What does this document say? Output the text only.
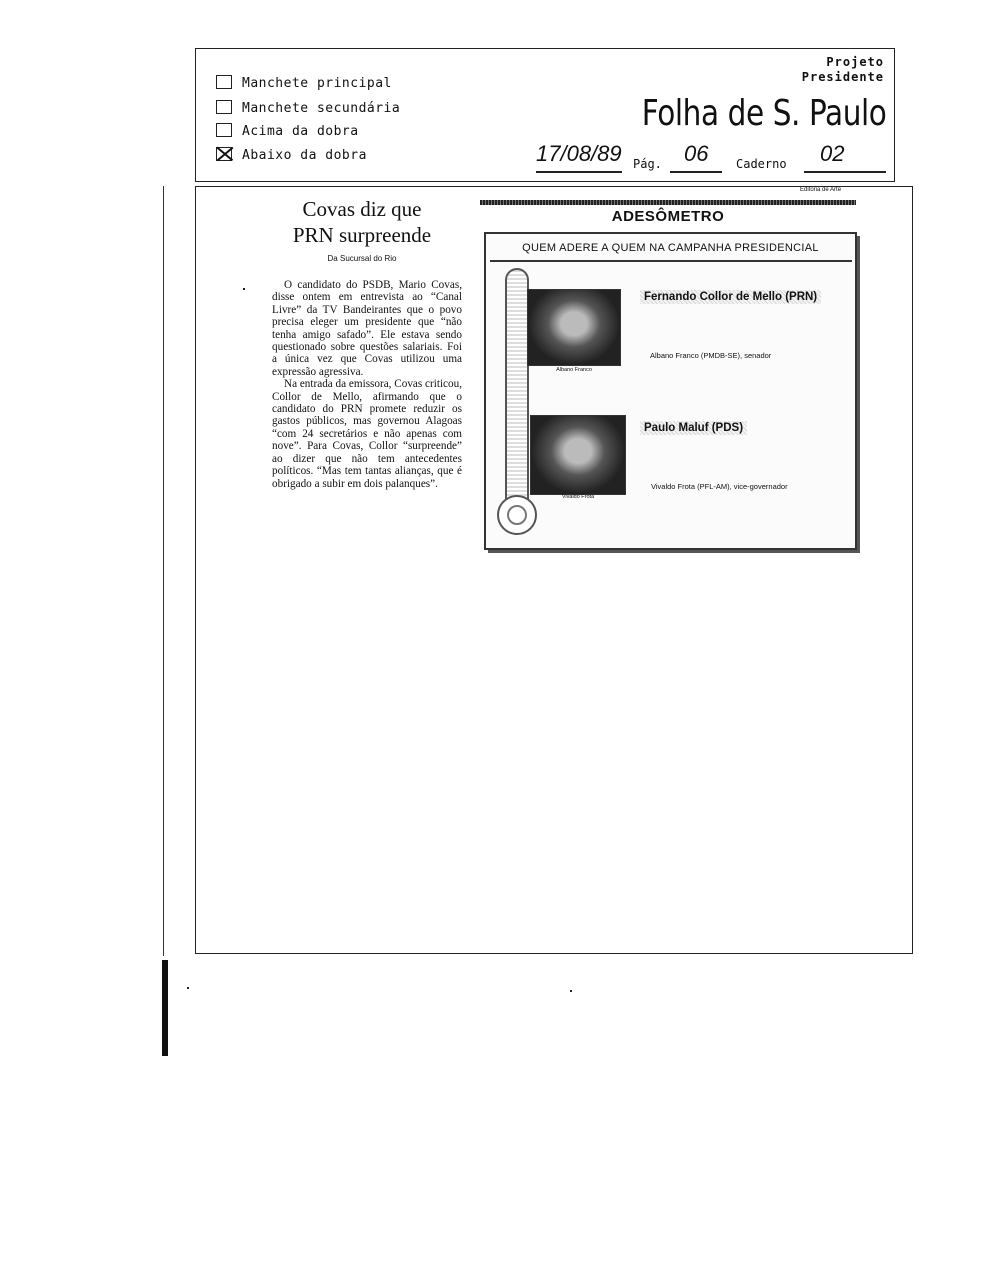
Manchete principal
Manchete secundária
Acima da dobra
Abaixo da dobra
Projeto
Presidente
Folha de S. Paulo
17/08/89 Pág. 06 Caderno 02
Covas diz que
PRN surpreende
Da Sucursal do Rio

O candidato do PSDB, Mario Covas, disse ontem em entrevista ao “Canal Livre” da TV Bandeirantes que o povo precisa eleger um presidente que “não tenha amigo safado”. Ele estava sendo questionado sobre questões salariais. Foi a única vez que Covas utilizou uma expressão agressiva.

Na entrada da emissora, Covas criticou, Collor de Mello, afirmando que o candidato do PRN promete reduzir os gastos públicos, mas governou Alagoas “com 24 secretários e não apenas com nove”. Para Covas, Collor “surpreende” ao dizer que não tem antecedentes políticos. “Mas tem tantas alianças, que é obrigado a subir em dois palanques”.

Editoria de Arte
ADESÔMETRO
QUEM ADERE A QUEM NA CAMPANHA PRESIDENCIAL
Albano Franco
Fernando Collor de Mello (PRN)
Albano Franco (PMDB-SE), senador
Vivaldo Frota
Paulo Maluf (PDS)
Vivaldo Frota (PFL-AM), vice-governador
